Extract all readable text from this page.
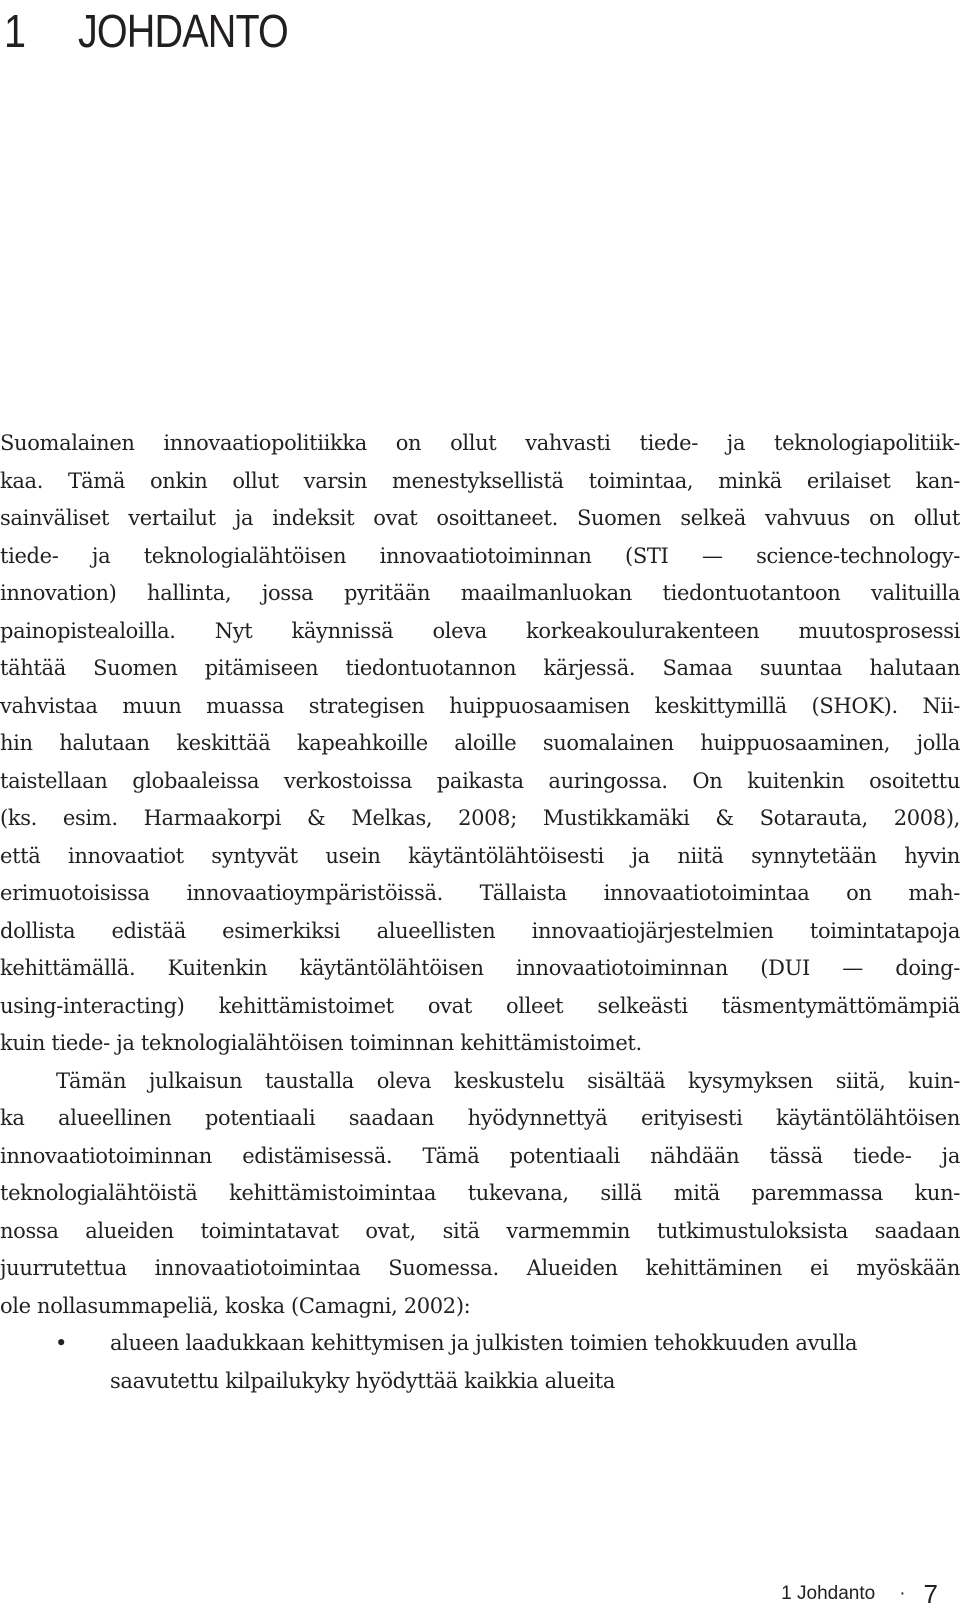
1	JOHDANTO

Suomalainen innovaatiopolitiikka on ollut vahvasti tiede- ja teknologiapolitiik-
kaa. Tämä onkin ollut varsin menestyksellistä toimintaa, minkä erilaiset kan-
sainväliset vertailut ja indeksit ovat osoittaneet. Suomen selkeä vahvuus on ollut
tiede- ja teknologialähtöisen innovaatiotoiminnan (STI — science-technology-
innovation) hallinta, jossa pyritään maailmanluokan tiedontuotantoon valituilla
painopistealoilla. Nyt käynnissä oleva korkeakoulurakenteen muutosprosessi
tähtää Suomen pitämiseen tiedontuotannon kärjessä. Samaa suuntaa halutaan
vahvistaa muun muassa strategisen huippuosaamisen keskittymillä (SHOK). Nii-
hin halutaan keskittää kapeahkoille aloille suomalainen huippuosaaminen, jolla
taistellaan globaaleissa verkostoissa paikasta auringossa. On kuitenkin osoitettu
(ks. esim. Harmaakorpi & Melkas, 2008; Mustikkamäki & Sotarauta, 2008),
että innovaatiot syntyvät usein käytäntölähtöisesti ja niitä synnytetään hyvin
erimuotoisissa innovaatioympäristöissä. Tällaista innovaatiotoimintaa on mah-
dollista edistää esimerkiksi alueellisten innovaatiojärjestelmien toimintatapoja
kehittämällä. Kuitenkin käytäntölähtöisen innovaatiotoiminnan (DUI — doing-
using-interacting) kehittämistoimet ovat olleet selkeästi täsmentymättömämpiä
kuin tiede- ja teknologialähtöisen toiminnan kehittämistoimet.

Tämän julkaisun taustalla oleva keskustelu sisältää kysymyksen siitä, kuin-
ka alueellinen potentiaali saadaan hyödynnettyä erityisesti käytäntölähtöisen
innovaatiotoiminnan edistämisessä. Tämä potentiaali nähdään tässä tiede- ja
teknologialähtöistä kehittämistoimintaa tukevana, sillä mitä paremmassa kun-
nossa alueiden toimintatavat ovat, sitä varmemmin tutkimustuloksista saadaan
juurrutettua innovaatiotoimintaa Suomessa. Alueiden kehittäminen ei myöskään
ole nollasummapeliä, koska (Camagni, 2002):

•	alueen laadukkaan kehittymisen ja julkisten toimien tehokkuuden avulla
saavutettu kilpailukyky hyödyttää kaikkia alueita
1 Johdanto · 7
